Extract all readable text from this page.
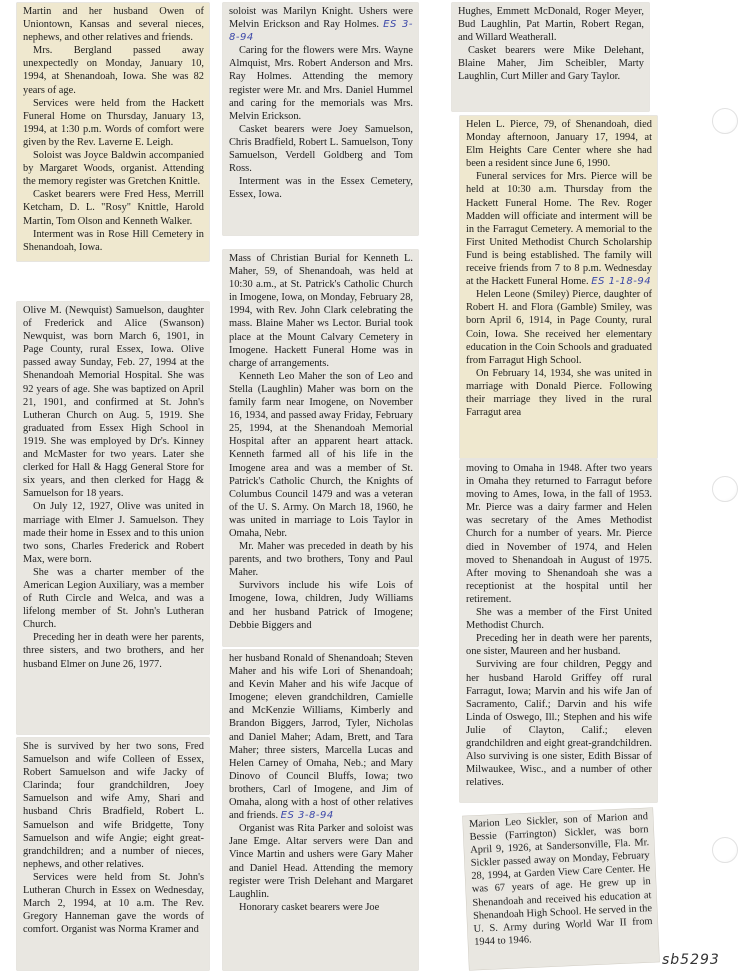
Martin and her husband Owen of Uniontown, Kansas and several nieces, nephews, and other relatives and friends.

Mrs. Bergland passed away unexpectedly on Monday, January 10, 1994, at Shenandoah, Iowa. She was 82 years of age.

Services were held from the Hackett Funeral Home on Thursday, January 13, 1994, at 1:30 p.m. Words of comfort were given by the Rev. Laverne E. Leigh.

Soloist was Joyce Baldwin accompanied by Margaret Woods, organist. Attending the memory register was Gretchen Knittle.

Casket bearers were Fred Hess, Merrill Ketcham, D. L. "Rosy" Knittle, Harold Martin, Tom Olson and Kenneth Walker.

Interment was in Rose Hill Cemetery in Shenandoah, Iowa.

Olive M. (Newquist) Samuelson, daughter of Frederick and Alice (Swanson) Newquist, was born March 6, 1901, in Page County, rural Essex, Iowa. Olive passed away Sunday, Feb. 27, 1994 at the Shenandoah Memorial Hospital. She was 92 years of age. She was baptized on April 21, 1901, and confirmed at St. John's Lutheran Church on Aug. 5, 1919. She graduated from Essex High School in 1919. She was employed by Dr's. Kinney and McMaster for two years. Later she clerked for Hall & Hagg General Store for six years, and then clerked for Hagg & Samuelson for 18 years.

On July 12, 1927, Olive was united in marriage with Elmer J. Samuelson. They made their home in Essex and to this union two sons, Charles Frederick and Robert Max, were born.

She was a charter member of the American Legion Auxiliary, was a member of Ruth Circle and Welca, and was a lifelong member of St. John's Lutheran Church.

Preceding her in death were her parents, three sisters, and two brothers, and her husband Elmer on June 26, 1977.

She is survived by her two sons, Fred Samuelson and wife Colleen of Essex, Robert Samuelson and wife Jacky of Clarinda; four grandchildren, Joey Samuelson and wife Amy, Shari and husband Chris Bradfield, Robert L. Samuelson and wife Bridgette, Tony Samuelson and wife Angie; eight great-grandchildren; and a number of nieces, nephews, and other relatives.

Services were held from St. John's Lutheran Church in Essex on Wednesday, March 2, 1994, at 10 a.m. The Rev. Gregory Hanneman gave the words of comfort. Organist was Norma Kramer and

soloist was Marilyn Knight. Ushers were Melvin Erickson and Ray Holmes. ES 3-8-94

Caring for the flowers were Mrs. Wayne Almquist, Mrs. Robert Anderson and Mrs. Ray Holmes. Attending the memory register were Mr. and Mrs. Daniel Hummel and caring for the memorials was Mrs. Melvin Erickson.

Casket bearers were Joey Samuelson, Chris Bradfield, Robert L. Samuelson, Tony Samuelson, Verdell Goldberg and Tom Ross.

Interment was in the Essex Cemetery, Essex, Iowa.

Mass of Christian Burial for Kenneth L. Maher, 59, of Shenandoah, was held at 10:30 a.m., at St. Patrick's Catholic Church in Imogene, Iowa, on Monday, February 28, 1994, with Rev. John Clark celebrating the mass. Blaine Maher ws Lector. Burial took place at the Mount Calvary Cemetery in Imogene. Hackett Funeral Home was in charge of arrangements.

Kenneth Leo Maher the son of Leo and Stella (Laughlin) Maher was born on the family farm near Imogene, on November 16, 1934, and passed away Friday, February 25, 1994, at the Shenandoah Memorial Hospital after an apparent heart attack. Kenneth farmed all of his life in the Imogene area and was a member of St. Patrick's Catholic Church, the Knights of Columbus Council 1479 and was a veteran of the U. S. Army. On March 18, 1960, he was united in marriage to Lois Taylor in Omaha, Nebr.

Mr. Maher was preceded in death by his parents, and two brothers, Tony and Paul Maher.

Survivors include his wife Lois of Imogene, Iowa, children, Judy Williams and her husband Patrick of Imogene; Debbie Biggers and

her husband Ronald of Shenandoah; Steven Maher and his wife Lori of Shenandoah; and Kevin Maher and his wife Jacque of Imogene; eleven grandchildren, Camielle and McKenzie Williams, Kimberly and Brandon Biggers, Jarrod, Tyler, Nicholas and Daniel Maher; Adam, Brett, and Tara Maher; three sisters, Marcella Lucas and Helen Carney of Omaha, Neb.; and Mary Dinovo of Council Bluffs, Iowa; two brothers, Carl of Imogene, and Jim of Omaha, along with a host of other relatives and friends. ES 3-8-94

Organist was Rita Parker and soloist was Jane Emge. Altar servers were Dan and Vince Martin and ushers were Gary Maher and Daniel Head. Attending the memory register were Trish Delehant and Margaret Laughlin.

Honorary casket bearers were Joe

Hughes, Emmett McDonald, Roger Meyer, Bud Laughlin, Pat Martin, Robert Regan, and Willard Weatherall.

Casket bearers were Mike Delehant, Blaine Maher, Jim Scheibler, Marty Laughlin, Curt Miller and Gary Taylor.

Helen L. Pierce, 79, of Shenandoah, died Monday afternoon, January 17, 1994, at Elm Heights Care Center where she had been a resident since June 6, 1990.

Funeral services for Mrs. Pierce will be held at 10:30 a.m. Thursday from the Hackett Funeral Home. The Rev. Roger Madden will officiate and interment will be in the Farragut Cemetery. A memorial to the First United Methodist Church Scholarship Fund is being established. The family will receive friends from 7 to 8 p.m. Wednesday at the Hackett Funeral Home. ES 1-18-94

Helen Leone (Smiley) Pierce, daughter of Robert H. and Flora (Gamble) Smiley, was born April 6, 1914, in Page County, rural Coin, Iowa. She received her elementary education in the Coin Schools and graduated from Farragut High School.

On February 14, 1934, she was united in marriage with Donald Pierce. Following their marriage they lived in the rural Farragut area

moving to Omaha in 1948. After two years in Omaha they returned to Farragut before moving to Ames, Iowa, in the fall of 1953. Mr. Pierce was a dairy farmer and Helen was secretary of the Ames Methodist Church for a number of years. Mr. Pierce died in November of 1974, and Helen moved to Shenandoah in August of 1975. After moving to Shenandoah she was a receptionist at the hospital until her retirement.

She was a member of the First United Methodist Church.

Preceding her in death were her parents, one sister, Maureen and her husband.

Surviving are four children, Peggy and her husband Harold Griffey off rural Farragut, Iowa; Marvin and his wife Jan of Sacramento, Calif.; Darvin and his wife Linda of Oswego, Ill.; Stephen and his wife Julie of Clayton, Calif.; eleven grandchildren and eight great-grandchildren. Also surviving is one sister, Edith Bissar of Milwaukee, Wisc., and a number of other relatives.

Marion Leo Sickler, son of Marion and Bessie (Farrington) Sickler, was born April 9, 1926, at Sandersonville, Fla. Mr. Sickler passed away on Monday, February 28, 1994, at Garden View Care Center. He was 67 years of age. He grew up in Shenandoah and received his education at Shenandoah High School. He served in the U. S. Army during World War II from 1944 to 1946.

sb5293
